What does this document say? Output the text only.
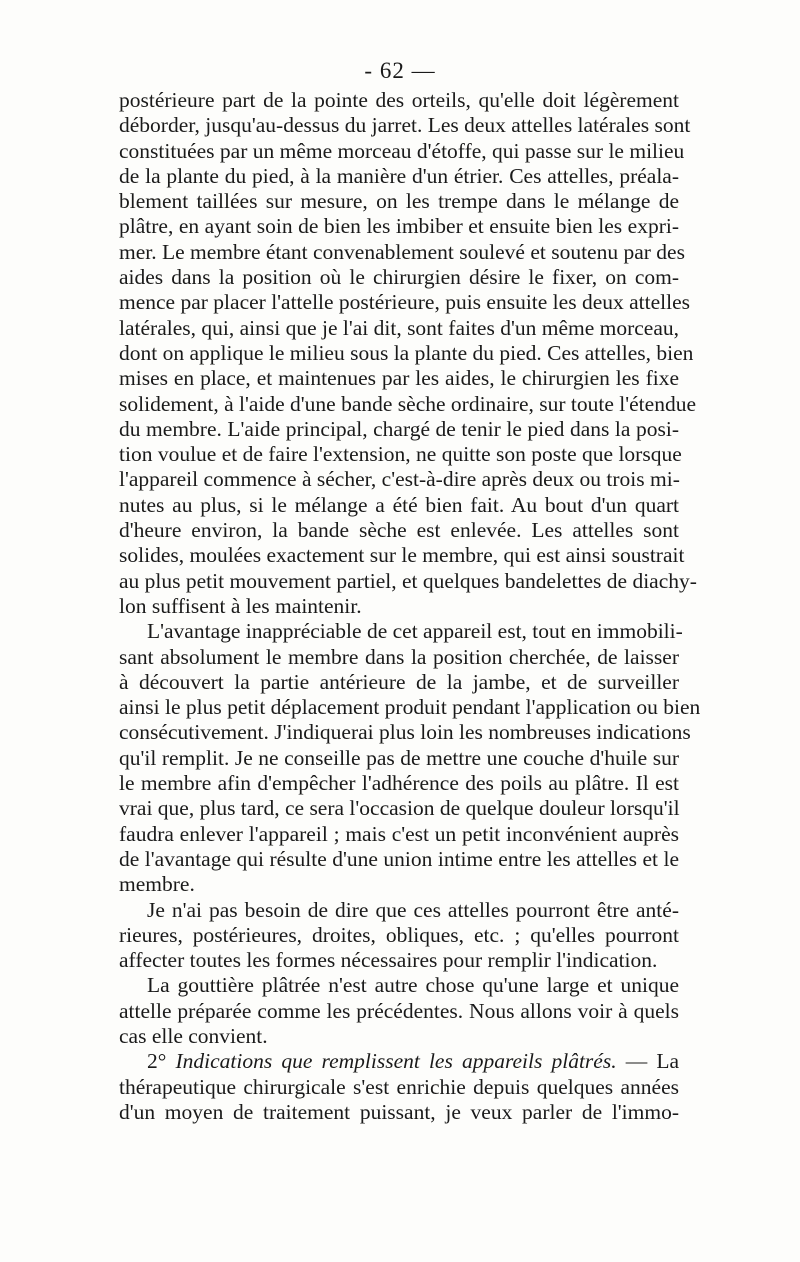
- 62 —
postérieure part de la pointe des orteils, qu'elle doit légèrement
déborder, jusqu'au-dessus du jarret. Les deux attelles latérales sont
constituées par un même morceau d'étoffe, qui passe sur le milieu
de la plante du pied, à la manière d'un étrier. Ces attelles, préala-
blement taillées sur mesure, on les trempe dans le mélange de
plâtre, en ayant soin de bien les imbiber et ensuite bien les expri-
mer. Le membre étant convenablement soulevé et soutenu par des
aides dans la position où le chirurgien désire le fixer, on com-
mence par placer l'attelle postérieure, puis ensuite les deux attelles
latérales, qui, ainsi que je l'ai dit, sont faites d'un même morceau,
dont on applique le milieu sous la plante du pied. Ces attelles, bien
mises en place, et maintenues par les aides, le chirurgien les fixe
solidement, à l'aide d'une bande sèche ordinaire, sur toute l'étendue
du membre. L'aide principal, chargé de tenir le pied dans la posi-
tion voulue et de faire l'extension, ne quitte son poste que lorsque
l'appareil commence à sécher, c'est-à-dire après deux ou trois mi-
nutes au plus, si le mélange a été bien fait. Au bout d'un quart
d'heure environ, la bande sèche est enlevée. Les attelles sont
solides, moulées exactement sur le membre, qui est ainsi soustrait
au plus petit mouvement partiel, et quelques bandelettes de diachy-
lon suffisent à les maintenir.
L'avantage inappréciable de cet appareil est, tout en immobili-
sant absolument le membre dans la position cherchée, de laisser
à découvert la partie antérieure de la jambe, et de surveiller
ainsi le plus petit déplacement produit pendant l'application ou bien
consécutivement. J'indiquerai plus loin les nombreuses indications
qu'il remplit. Je ne conseille pas de mettre une couche d'huile sur
le membre afin d'empêcher l'adhérence des poils au plâtre. Il est
vrai que, plus tard, ce sera l'occasion de quelque douleur lorsqu'il
faudra enlever l'appareil ; mais c'est un petit inconvénient auprès
de l'avantage qui résulte d'une union intime entre les attelles et le
membre.
Je n'ai pas besoin de dire que ces attelles pourront être anté-
rieures, postérieures, droites, obliques, etc. ; qu'elles pourront
affecter toutes les formes nécessaires pour remplir l'indication.
La gouttière plâtrée n'est autre chose qu'une large et unique
attelle préparée comme les précédentes. Nous allons voir à quels
cas elle convient.
2° Indications que remplissent les appareils plâtrés. — La
thérapeutique chirurgicale s'est enrichie depuis quelques années
d'un moyen de traitement puissant, je veux parler de l'immo-
